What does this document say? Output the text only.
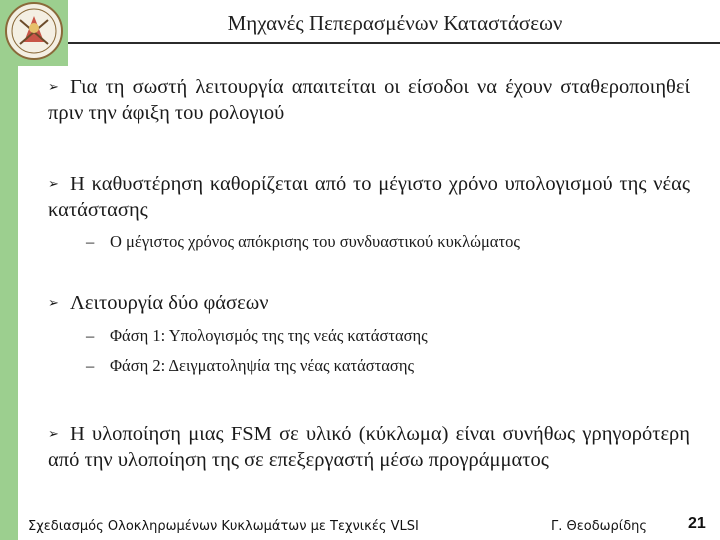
Μηχανές Πεπερασμένων Καταστάσεων
➢ Για τη σωστή λειτουργία απαιτείται οι είσοδοι να έχουν σταθεροποιηθεί πριν την άφιξη του ρολογιού
➢ Η καθυστέρηση καθορίζεται από το μέγιστο χρόνο υπολογισμού της νέας κατάστασης
– Ο μέγιστος χρόνος απόκρισης του συνδυαστικού κυκλώματος
➢ Λειτουργία δύο φάσεων
– Φάση 1: Υπολογισμός της της νεάς κατάστασης
– Φάση 2: Δειγματοληψία της νέας κατάστασης
➢ Η υλοποίηση μιας FSM σε υλικό (κύκλωμα) είναι συνήθως γρηγορότερη από την υλοποίηση της σε επεξεργαστή μέσω προγράμματος
Σχεδιασμός Ολοκληρωμένων Κυκλωμάτων με Τεχνικές VLSI	Γ. Θεοδωρίδης	21
